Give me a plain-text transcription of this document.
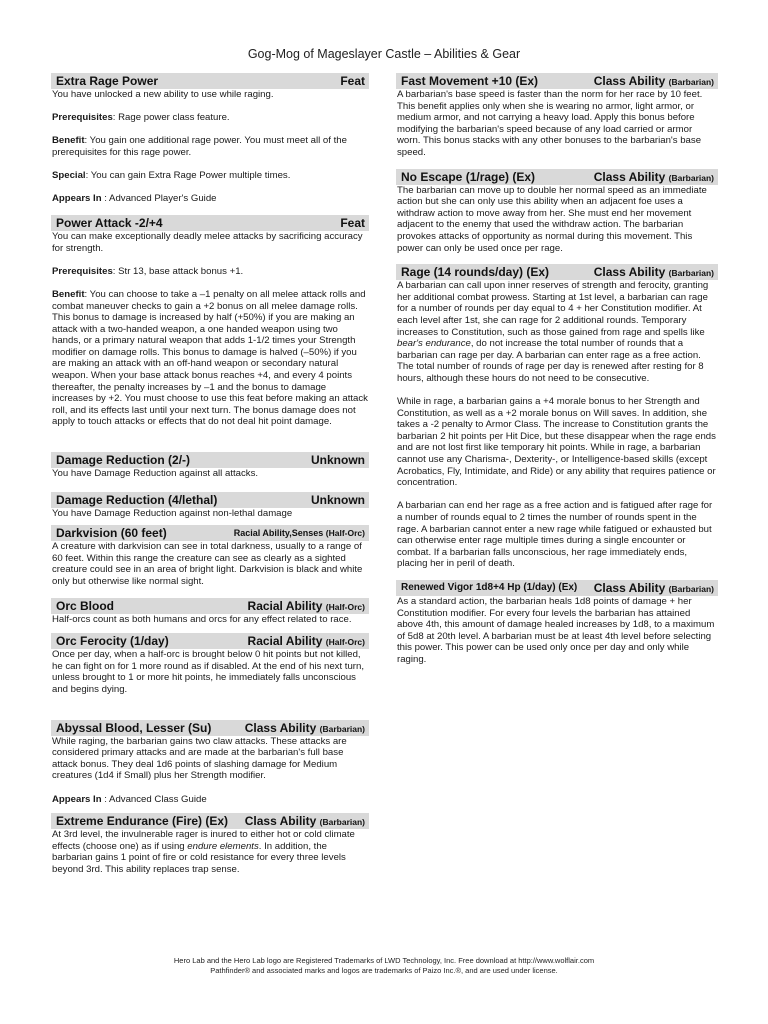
Gog-Mog of Mageslayer Castle – Abilities & Gear
Extra Rage Power	Feat

You have unlocked a new ability to use while raging.

Prerequisites: Rage power class feature.

Benefit: You gain one additional rage power. You must meet all of the prerequisites for this rage power.

Special: You can gain Extra Rage Power multiple times.

Appears In : Advanced Player's Guide

Power Attack -2/+4	Feat

You can make exceptionally deadly melee attacks by sacrificing accuracy for strength.

Prerequisites: Str 13, base attack bonus +1.

Benefit: You can choose to take a –1 penalty on all melee attack rolls and combat maneuver checks to gain a +2 bonus on all melee damage rolls. This bonus to damage is increased by half (+50%) if you are making an attack with a two-handed weapon, a one handed weapon using two hands, or a primary natural weapon that adds 1-1/2 times your Strength modifier on damage rolls. This bonus to damage is halved (–50%) if you are making an attack with an off-hand weapon or secondary natural weapon. When your base attack bonus reaches +4, and every 4 points thereafter, the penalty increases by –1 and the bonus to damage increases by +2. You must choose to use this feat before making an attack roll, and its effects last until your next turn. The bonus damage does not apply to touch attacks or effects that do not deal hit point damage.

Damage Reduction (2/-)	Unknown

You have Damage Reduction against all attacks.

Damage Reduction (4/lethal)	Unknown

You have Damage Reduction against non-lethal damage

Darkvision (60 feet)	Racial Ability,Senses (Half-Orc)

A creature with darkvision can see in total darkness, usually to a range of 60 feet. Within this range the creature can see as clearly as a sighted creature could see in an area of bright light. Darkvision is black and white only but otherwise like normal sight.

Orc Blood	Racial Ability (Half-Orc)

Half-orcs count as both humans and orcs for any effect related to race.

Orc Ferocity (1/day)	Racial Ability (Half-Orc)

Once per day, when a half-orc is brought below 0 hit points but not killed, he can fight on for 1 more round as if disabled. At the end of his next turn, unless brought to 1 or more hit points, he immediately falls unconscious and begins dying.

Abyssal Blood, Lesser (Su)	Class Ability (Barbarian)

While raging, the barbarian gains two claw attacks. These attacks are considered primary attacks and are made at the barbarian's full base attack bonus. They deal 1d6 points of slashing damage for Medium creatures (1d4 if Small) plus her Strength modifier.

Appears In : Advanced Class Guide

Extreme Endurance (Fire) (Ex) Class Ability (Barbarian)

At 3rd level, the invulnerable rager is inured to either hot or cold climate effects (choose one) as if using endure elements. In addition, the barbarian gains 1 point of fire or cold resistance for every three levels beyond 3rd. This ability replaces trap sense.

Fast Movement +10 (Ex)	Class Ability (Barbarian)

A barbarian's base speed is faster than the norm for her race by 10 feet. This benefit applies only when she is wearing no armor, light armor, or medium armor, and not carrying a heavy load. Apply this bonus before modifying the barbarian's speed because of any load carried or armor worn. This bonus stacks with any other bonuses to the barbarian's base speed.

No Escape (1/rage) (Ex)	Class Ability (Barbarian)

The barbarian can move up to double her normal speed as an immediate action but she can only use this ability when an adjacent foe uses a withdraw action to move away from her. She must end her movement adjacent to the enemy that used the withdraw action. The barbarian provokes attacks of opportunity as normal during this movement. This power can only be used once per rage.

Rage (14 rounds/day) (Ex)	Class Ability (Barbarian)

A barbarian can call upon inner reserves of strength and ferocity, granting her additional combat prowess. Starting at 1st level, a barbarian can rage for a number of rounds per day equal to 4 + her Constitution modifier. At each level after 1st, she can rage for 2 additional rounds. Temporary increases to Constitution, such as those gained from rage and spells like bear's endurance, do not increase the total number of rounds that a barbarian can rage per day. A barbarian can enter rage as a free action. The total number of rounds of rage per day is renewed after resting for 8 hours, although these hours do not need to be consecutive.

While in rage, a barbarian gains a +4 morale bonus to her Strength and Constitution, as well as a +2 morale bonus on Will saves. In addition, she takes a -2 penalty to Armor Class. The increase to Constitution grants the barbarian 2 hit points per Hit Dice, but these disappear when the rage ends and are not lost first like temporary hit points. While in rage, a barbarian cannot use any Charisma-, Dexterity-, or Intelligence-based skills (except Acrobatics, Fly, Intimidate, and Ride) or any ability that requires patience or concentration.

A barbarian can end her rage as a free action and is fatigued after rage for a number of rounds equal to 2 times the number of rounds spent in the rage. A barbarian cannot enter a new rage while fatigued or exhausted but can otherwise enter rage multiple times during a single encounter or combat. If a barbarian falls unconscious, her rage immediately ends, placing her in peril of death.

Renewed Vigor 1d8+4 Hp (1/day) (Ex) Class Ability (Barbarian)

As a standard action, the barbarian heals 1d8 points of damage + her Constitution modifier. For every four levels the barbarian has attained above 4th, this amount of damage healed increases by 1d8, to a maximum of 5d8 at 20th level. A barbarian must be at least 4th level before selecting this power. This power can be used only once per day and only while raging.

Hero Lab and the Hero Lab logo are Registered Trademarks of LWD Technology, Inc. Free download at http://www.wolflair.com
Pathfinder® and associated marks and logos are trademarks of Paizo Inc.®, and are used under license.
